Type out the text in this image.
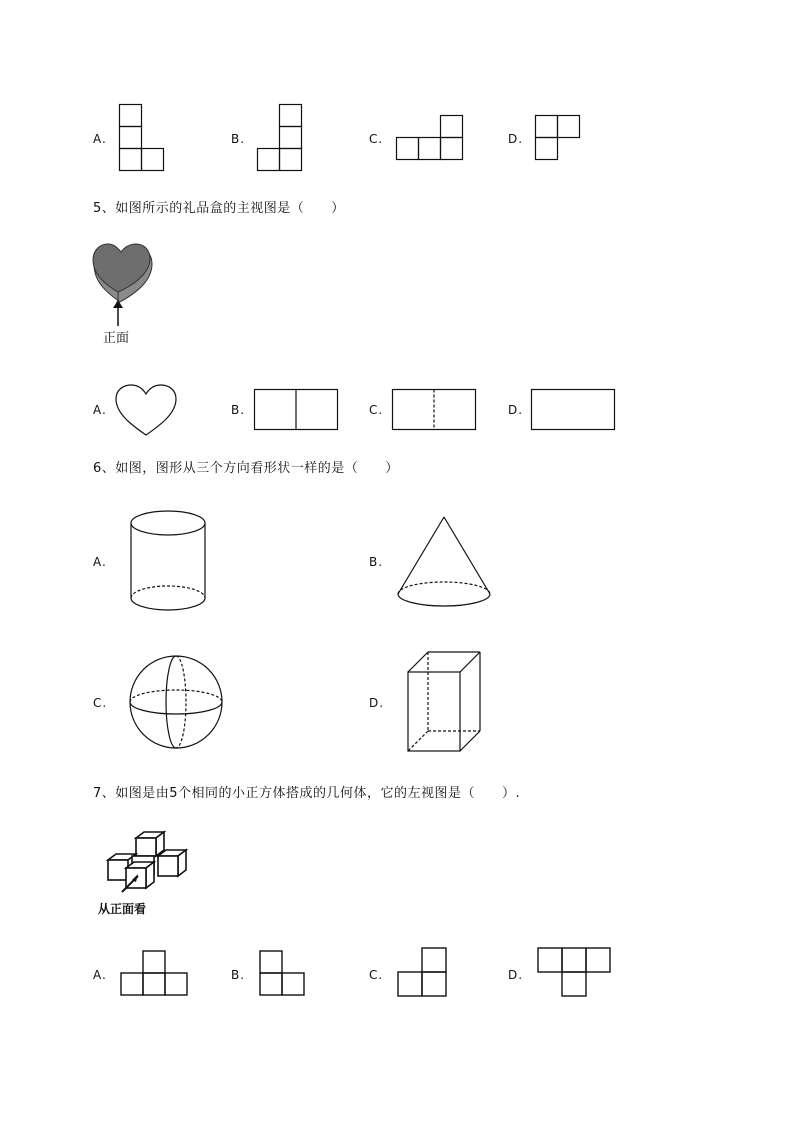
A.	B.	C.	D.
5、如图所示的礼品盒的主视图是（　　）
正面
A.	B.	C.	D.
6、如图，图形从三个方向看形状一样的是（　　）
A.	B.
C.	D.
7、如图是由5个相同的小正方体搭成的几何体，它的左视图是（　　）.
从正面看
A.	B.	C.	D.
